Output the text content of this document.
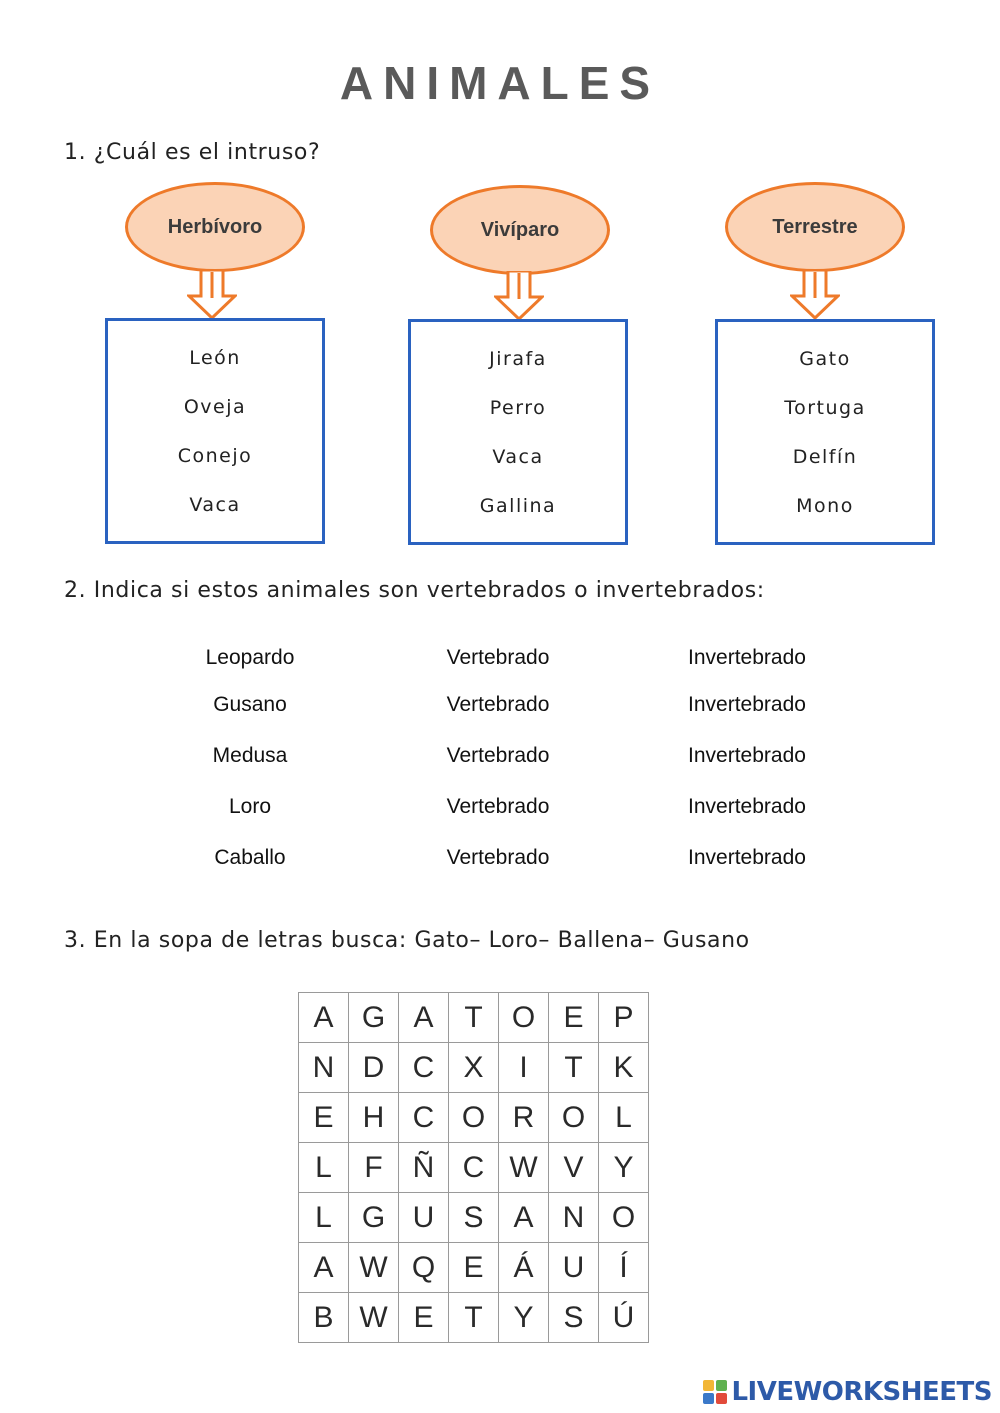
ANIMALES
1. ¿Cuál es el intruso?
Herbívoro
León
Oveja
Conejo
Vaca
Vivíparo
Jirafa
Perro
Vaca
Gallina
Terrestre
Gato
Tortuga
Delfín
Mono
2. Indica si estos animales son vertebrados o invertebrados:
Leopardo	Vertebrado	Invertebrado
Gusano	Vertebrado	Invertebrado
Medusa	Vertebrado	Invertebrado
Loro	Vertebrado	Invertebrado
Caballo	Vertebrado	Invertebrado
3. En la sopa de letras busca: Gato– Loro– Ballena– Gusano
A	G	A	T	O	E	P
N	D	C	X	I	T	K
E	H	C	O	R	O	L
L	F	Ñ	C	W	V	Y
L	G	U	S	A	N	O
A	W	Q	E	Á	U	Í
B	W	E	T	Y	S	Ú
LIVEWORKSHEETS
